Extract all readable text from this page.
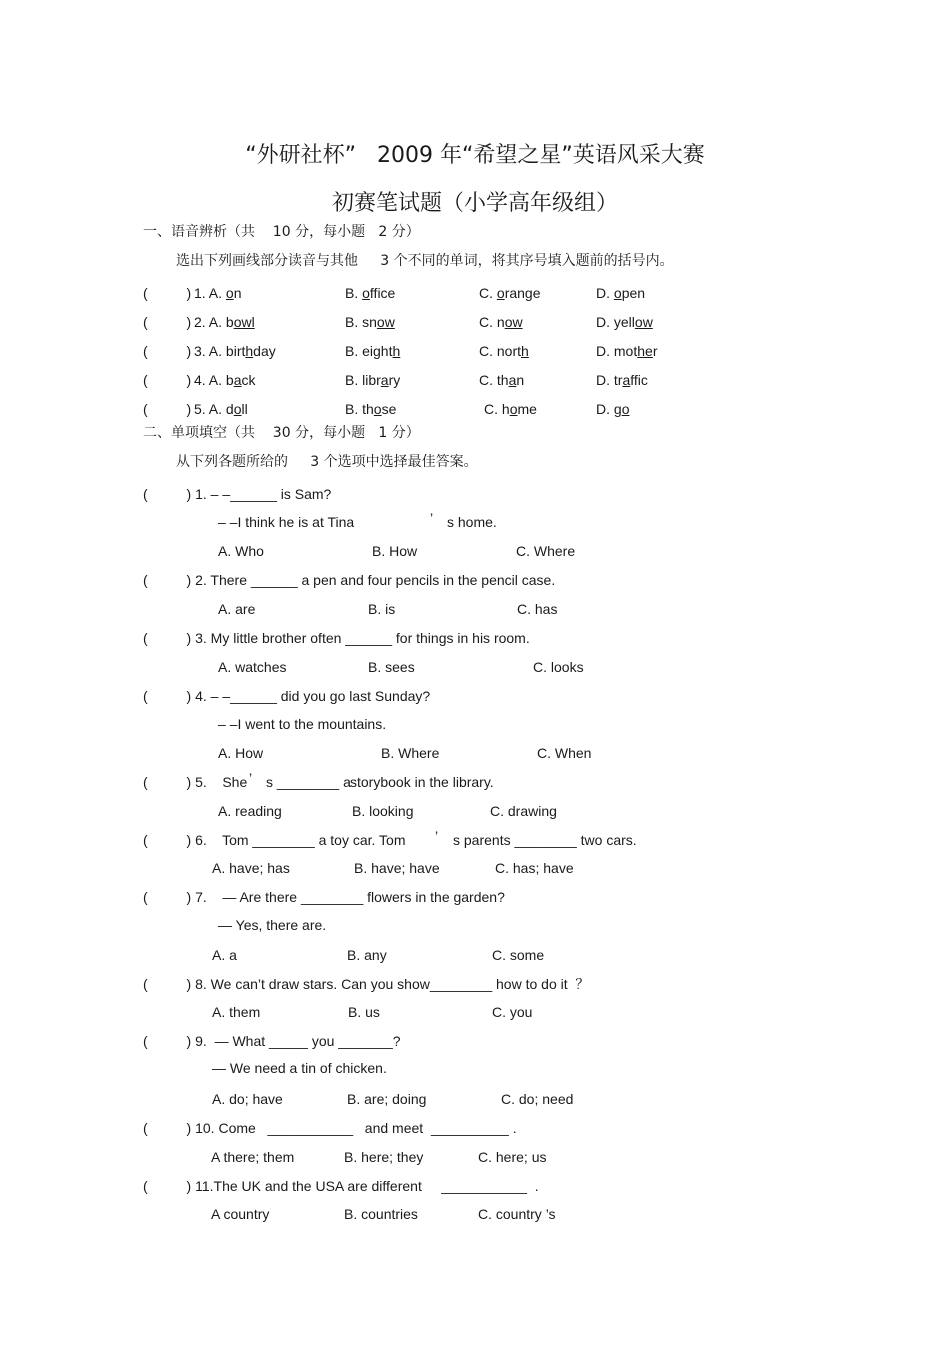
“外研社杯”   2009 年“希望之星”英语风采大赛
初赛笔试题（小学高年级组）
一、语音辨析（共    10 分，每小题   2 分）
选出下列画线部分读音与其他     3 个不同的单词，将其序号填入题前的括号内。
(          ) 1. A. on	B. office	C. orange	D. open
(          ) 2. A. bowl	B. snow	C. now	D. yellow
(          ) 3. A. birthday	B. eighth	C. north	D. mother
(          ) 4. A. back	B. library	C. than	D. traffic
(          ) 5. A. doll	B. those	C. home	D. go
二、单项填空（共    30 分，每小题   1 分）
从下列各题所给的     3 个选项中选择最佳答案。
(          ) 1. – –______ is Sam?
– –I think he is at Tina	’ s home.
A. Who	B. How	C. Where
(          ) 2. There ______ a pen and four pencils in the pencil case.
A. are	B. is	C. has
(          ) 3. My little brother often ______ for things in his room.
A. watches	B. sees	C. looks
(          ) 4. – –______ did you go last Sunday?
– –I went to the mountains.
A. How	B. Where	C. When
(          ) 5.    She ’ s ________ a storybook in the library.
A. reading	B. looking	C. drawing
(          ) 6.    Tom ________ a toy car. Tom ’ s parents ________ two cars.
A. have; has	B. have; have	C. has; have
(          ) 7.    — Are there ________ flowers in the garden?
— Yes, there are.
A. a	B. any	C. some
(          ) 8. We can’t draw stars. Can you show________ how to do it  ？
A. them	B. us	C. you
(          ) 9.  — What _____ you _______?
— We need a tin of chicken.
A. do; have	B. are; doing	C. do; need
(          ) 10. Come   ___________   and meet  __________ .
A there; them	B. here; they	C. here; us
(          ) 11.The UK and the USA are different     ___________  .
A country	B. countries	C. country ’s
